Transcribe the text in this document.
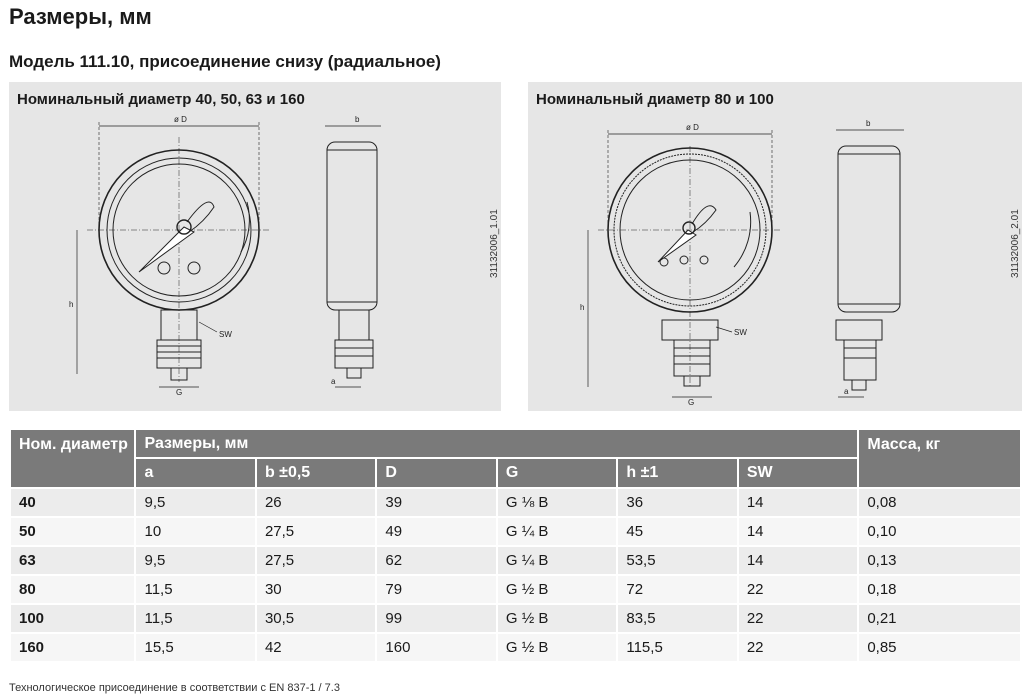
Размеры, мм
Модель 111.10, присоединение снизу (радиальное)
Номинальный диаметр 40, 50, 63 и 160
31132006_1.01
ø D
SW
G
h
b
a
Номинальный диаметр 80 и 100
31132006_2.01
ø D
SW
h
G
b
a
Ном. диаметр	Размеры, мм						Масса, кг
	a	b ±0,5	D	G	h ±1	SW	
40	9,5	26	39	G ⅛ B	36	14	0,08
50	10	27,5	49	G ¼ B	45	14	0,10
63	9,5	27,5	62	G ¼ B	53,5	14	0,13
80	11,5	30	79	G ½ B	72	22	0,18
100	11,5	30,5	99	G ½ B	83,5	22	0,21
160	15,5	42	160	G ½ B	115,5	22	0,85
Технологическое присоединение в соответствии с EN 837-1 / 7.3
